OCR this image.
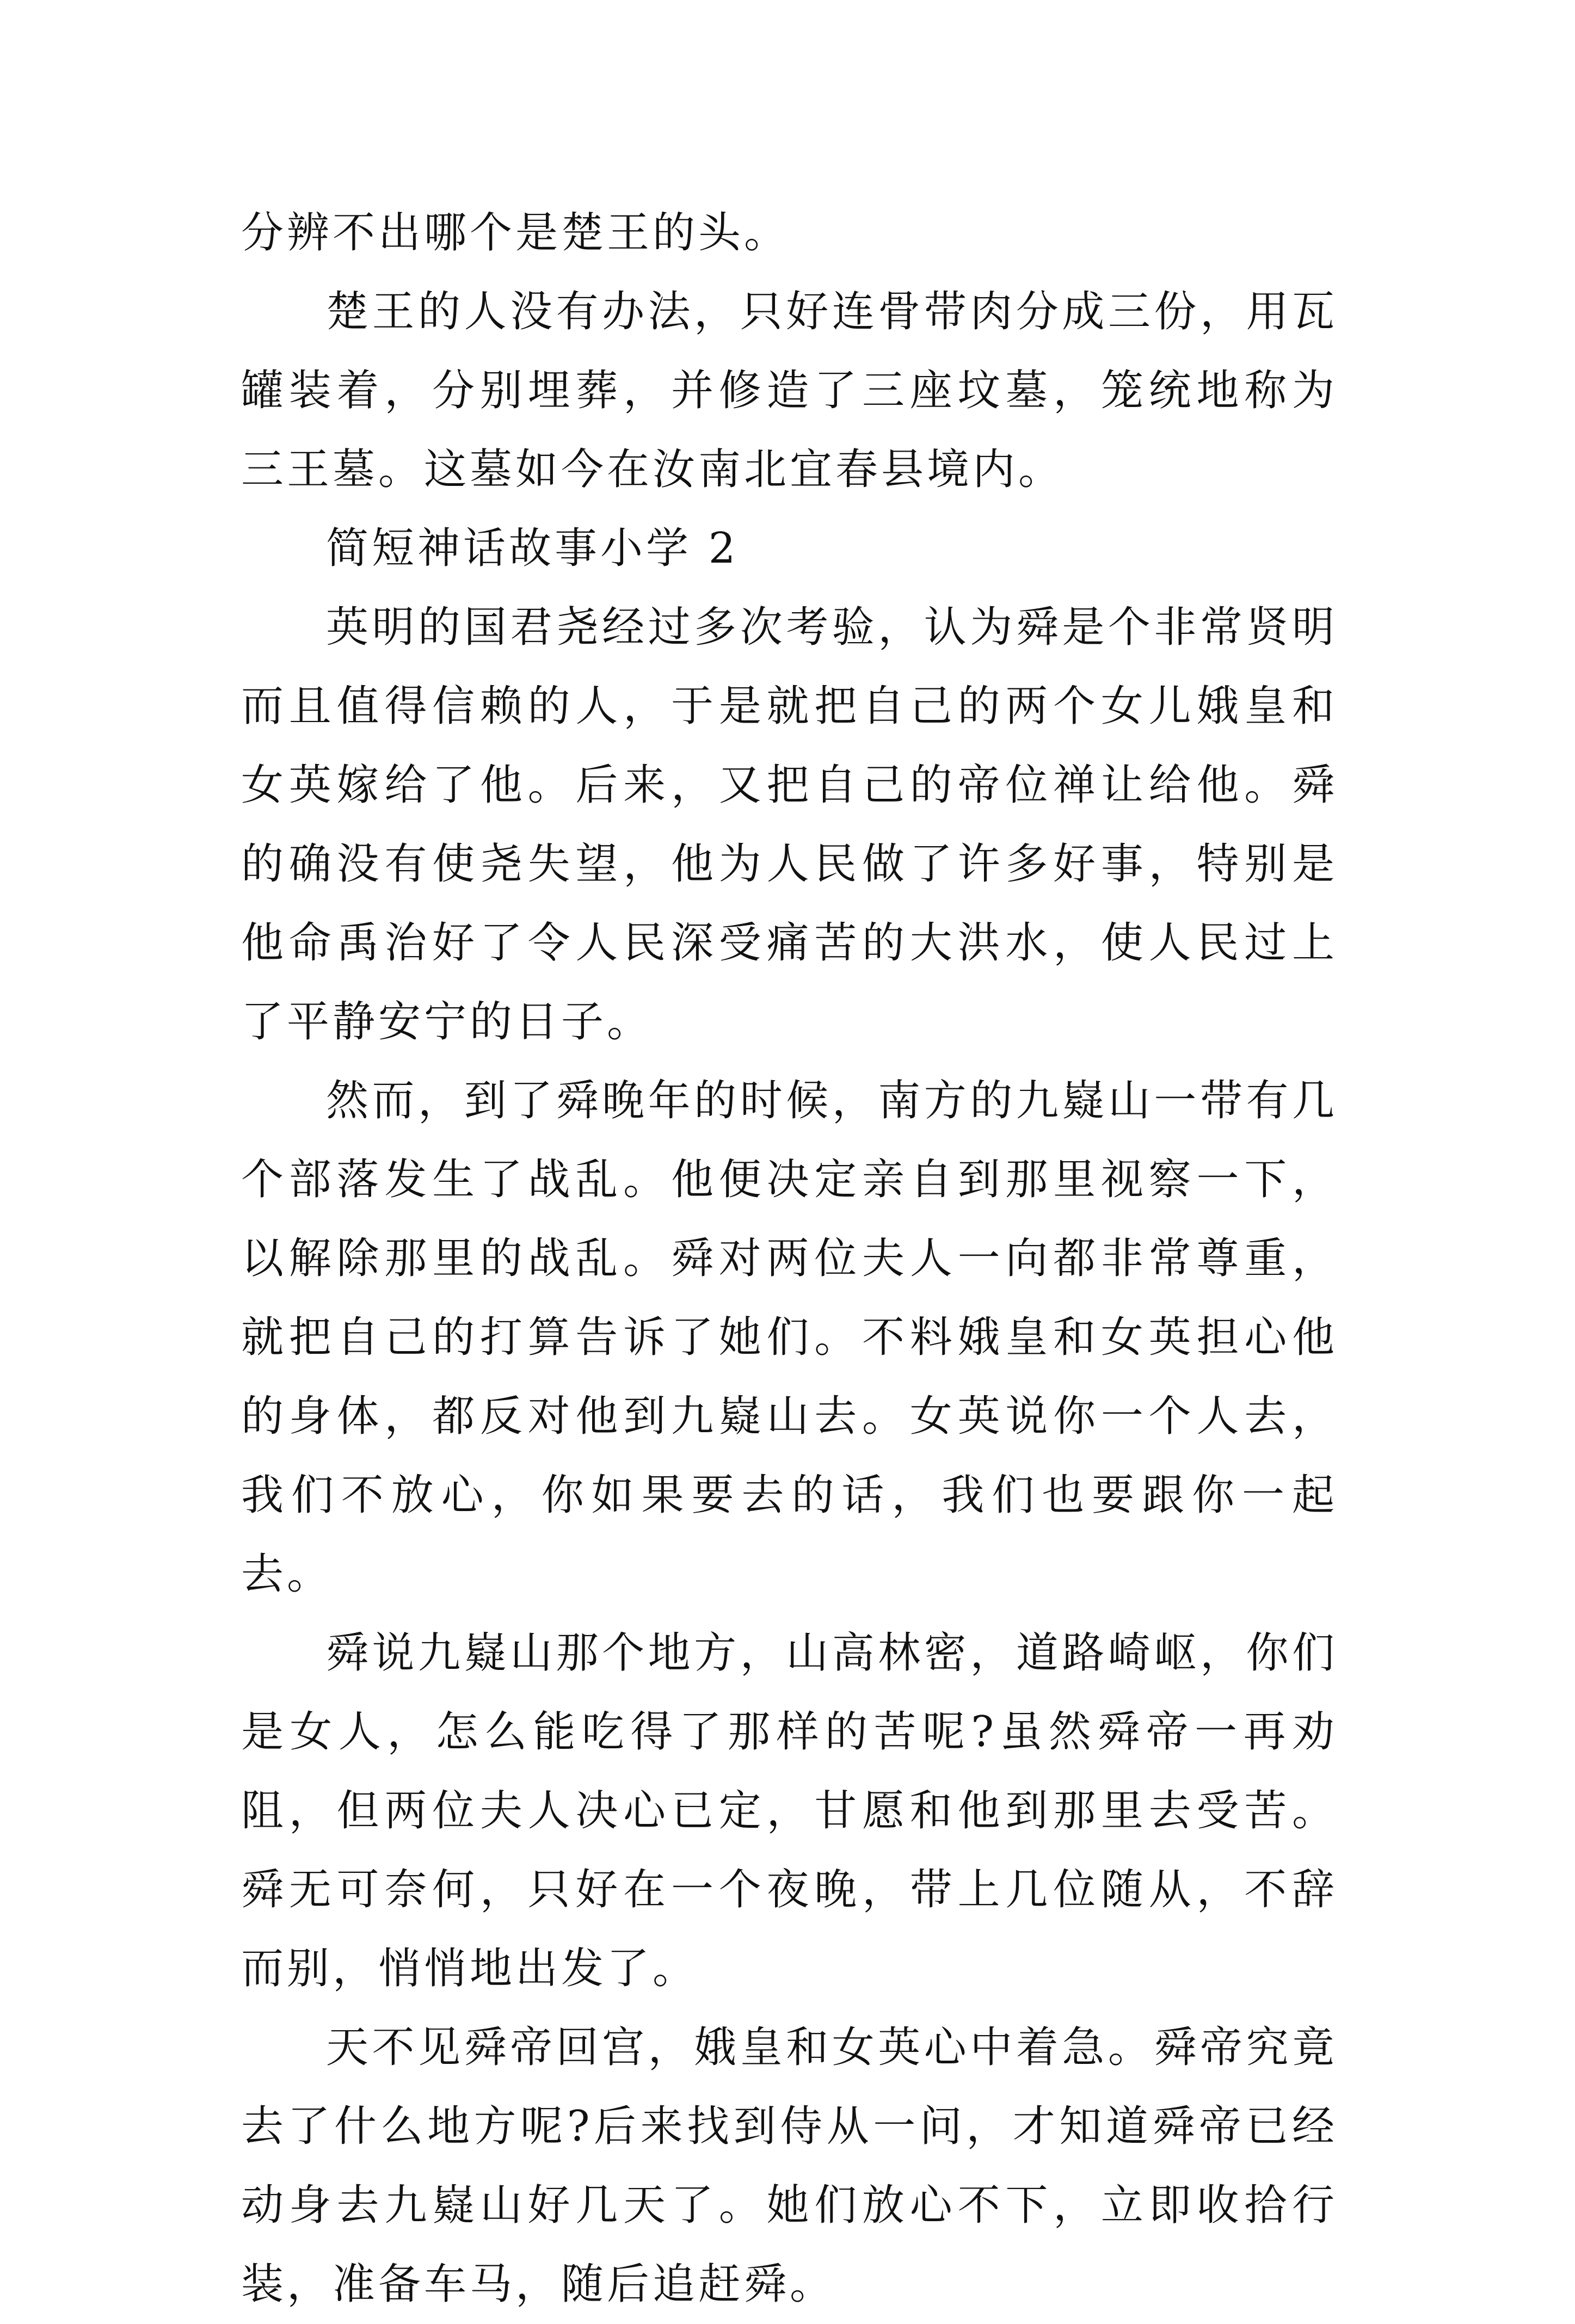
分辨不出哪个是楚王的头。

楚王的人没有办法，只好连骨带肉分成三份，用瓦罐装着，分别埋葬，并修造了三座坟墓，笼统地称为三王墓。这墓如今在汝南北宜春县境内。

简短神话故事小学 2

英明的国君尧经过多次考验，认为舜是个非常贤明而且值得信赖的人，于是就把自己的两个女儿娥皇和女英嫁给了他。后来，又把自己的帝位禅让给他。舜的确没有使尧失望，他为人民做了许多好事，特别是他命禹治好了令人民深受痛苦的大洪水，使人民过上了平静安宁的日子。

然而，到了舜晚年的时候，南方的九嶷山一带有几个部落发生了战乱。他便决定亲自到那里视察一下，以解除那里的战乱。舜对两位夫人一向都非常尊重，就把自己的打算告诉了她们。不料娥皇和女英担心他的身体，都反对他到九嶷山去。女英说你一个人去，我们不放心，你如果要去的话，我们也要跟你一起去。

舜说九嶷山那个地方，山高林密，道路崎岖，你们是女人，怎么能吃得了那样的苦呢?虽然舜帝一再劝阻，但两位夫人决心已定，甘愿和他到那里去受苦。舜无可奈何，只好在一个夜晚，带上几位随从，不辞而别，悄悄地出发了。

天不见舜帝回宫，娥皇和女英心中着急。舜帝究竟去了什么地方呢?后来找到侍从一问，才知道舜帝已经动身去九嶷山好几天了。她们放心不下，立即收拾行装，准备车马，随后追赶舜。
